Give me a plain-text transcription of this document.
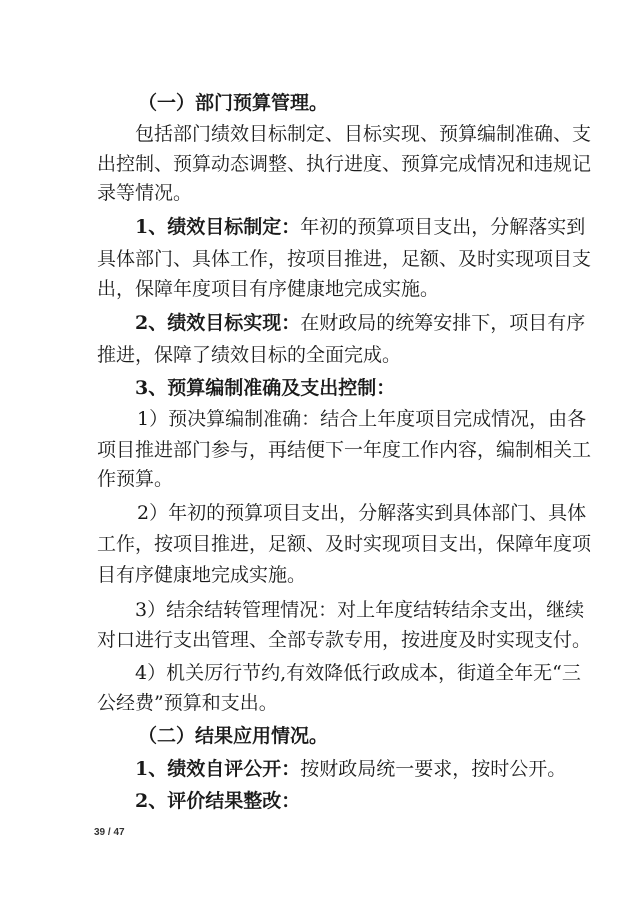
（一）部门预算管理。
包括部门绩效目标制定、目标实现、预算编制准确、支
出控制、预算动态调整、执行进度、预算完成情况和违规记
录等情况。
1、绩效目标制定：年初的预算项目支出，分解落实到
具体部门、具体工作，按项目推进，足额、及时实现项目支
出，保障年度项目有序健康地完成实施。
2、绩效目标实现：在财政局的统筹安排下，项目有序
推进，保障了绩效目标的全面完成。
3、预算编制准确及支出控制：
1）预决算编制准确：结合上年度项目完成情况，由各
项目推进部门参与，再结便下一年度工作内容，编制相关工
作预算。
2）年初的预算项目支出，分解落实到具体部门、具体
工作，按项目推进，足额、及时实现项目支出，保障年度项
目有序健康地完成实施。
3）结余结转管理情况：对上年度结转结余支出，继续
对口进行支出管理、全部专款专用，按进度及时实现支付。
4）机关厉行节约,有效降低行政成本，街道全年无“三
公经费”预算和支出。
（二）结果应用情况。
1、绩效自评公开：按财政局统一要求，按时公开。
2、评价结果整改：
39 / 47
